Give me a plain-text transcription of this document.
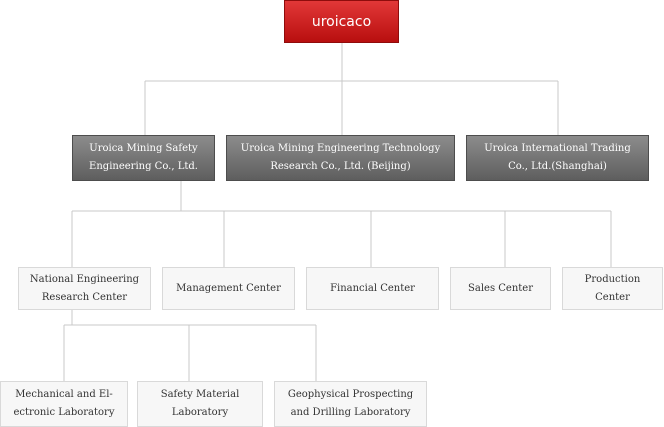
uroicaco
Uroica Mining Safety
Engineering Co., Ltd.
Uroica Mining Engineering Technology
Research Co., Ltd. (Beijing)
Uroica International Trading
Co., Ltd.(Shanghai)
National Engineering
Research Center
Management Center	Financial Center	Sales Center
Production
Center
Mechanical and El-
ectronic Laboratory
Safety Material
Laboratory
Geophysical Prospecting
and Drilling Laboratory
